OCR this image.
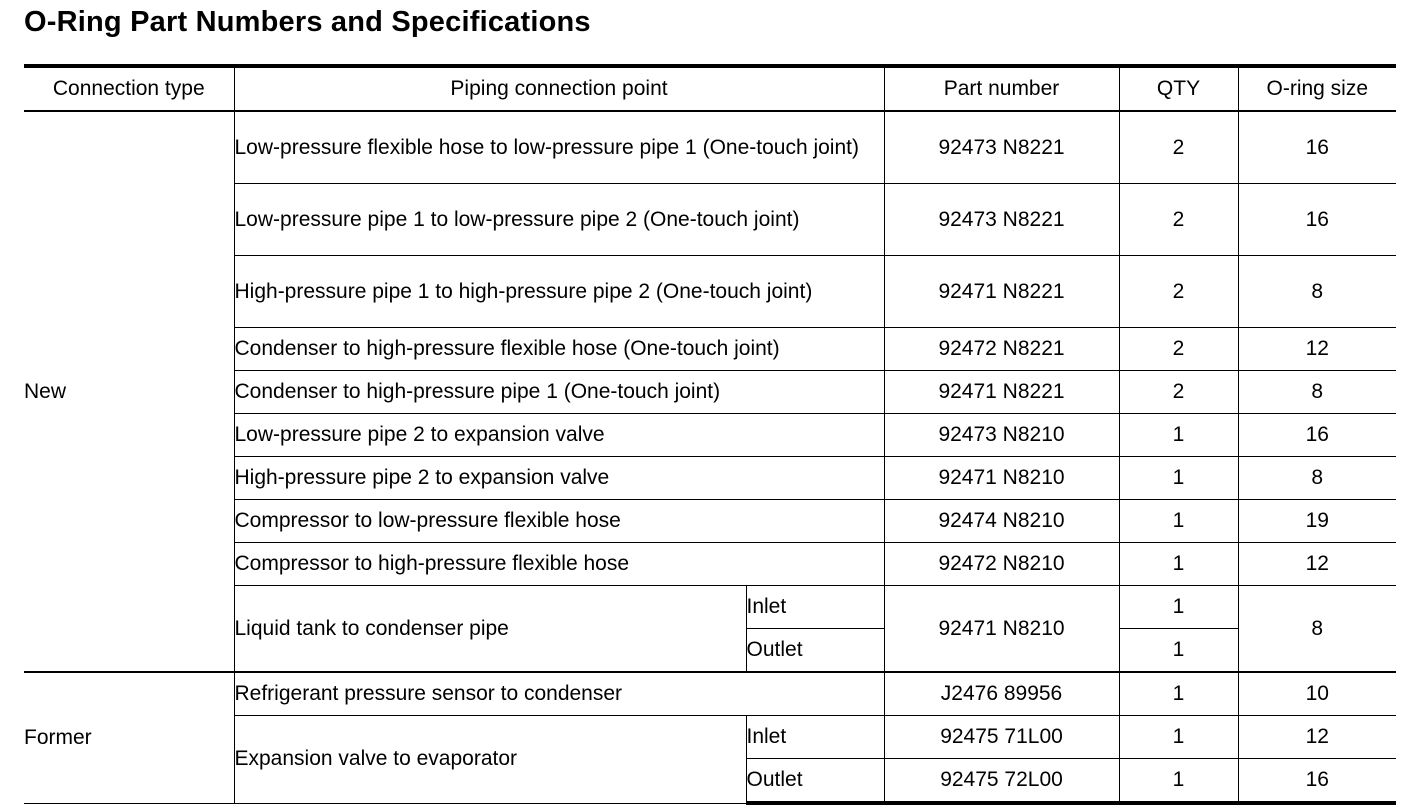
O-Ring Part Numbers and Specifications
Connection type	Piping connection point		Part number	QTY	O-ring size
New	Low-pressure flexible hose to low-pressure pipe 1 (One-touch joint)		92473 N8221	2	16
	Low-pressure pipe 1 to low-pressure pipe 2 (One-touch joint)		92473 N8221	2	16
	High-pressure pipe 1 to high-pressure pipe 2 (One-touch joint)		92471 N8221	2	8
	Condenser to high-pressure flexible hose (One-touch joint)		92472 N8221	2	12
	Condenser to high-pressure pipe 1 (One-touch joint)		92471 N8221	2	8
	Low-pressure pipe 2 to expansion valve		92473 N8210	1	16
	High-pressure pipe 2 to expansion valve		92471 N8210	1	8
	Compressor to low-pressure flexible hose		92474 N8210	1	19
	Compressor to high-pressure flexible hose		92472 N8210	1	12
	Liquid tank to condenser pipe	Inlet	92471 N8210	1	8
		Outlet		1	
Former	Refrigerant pressure sensor to condenser		J2476 89956	1	10
	Expansion valve to evaporator	Inlet	92475 71L00	1	12
		Outlet	92475 72L00	1	16
